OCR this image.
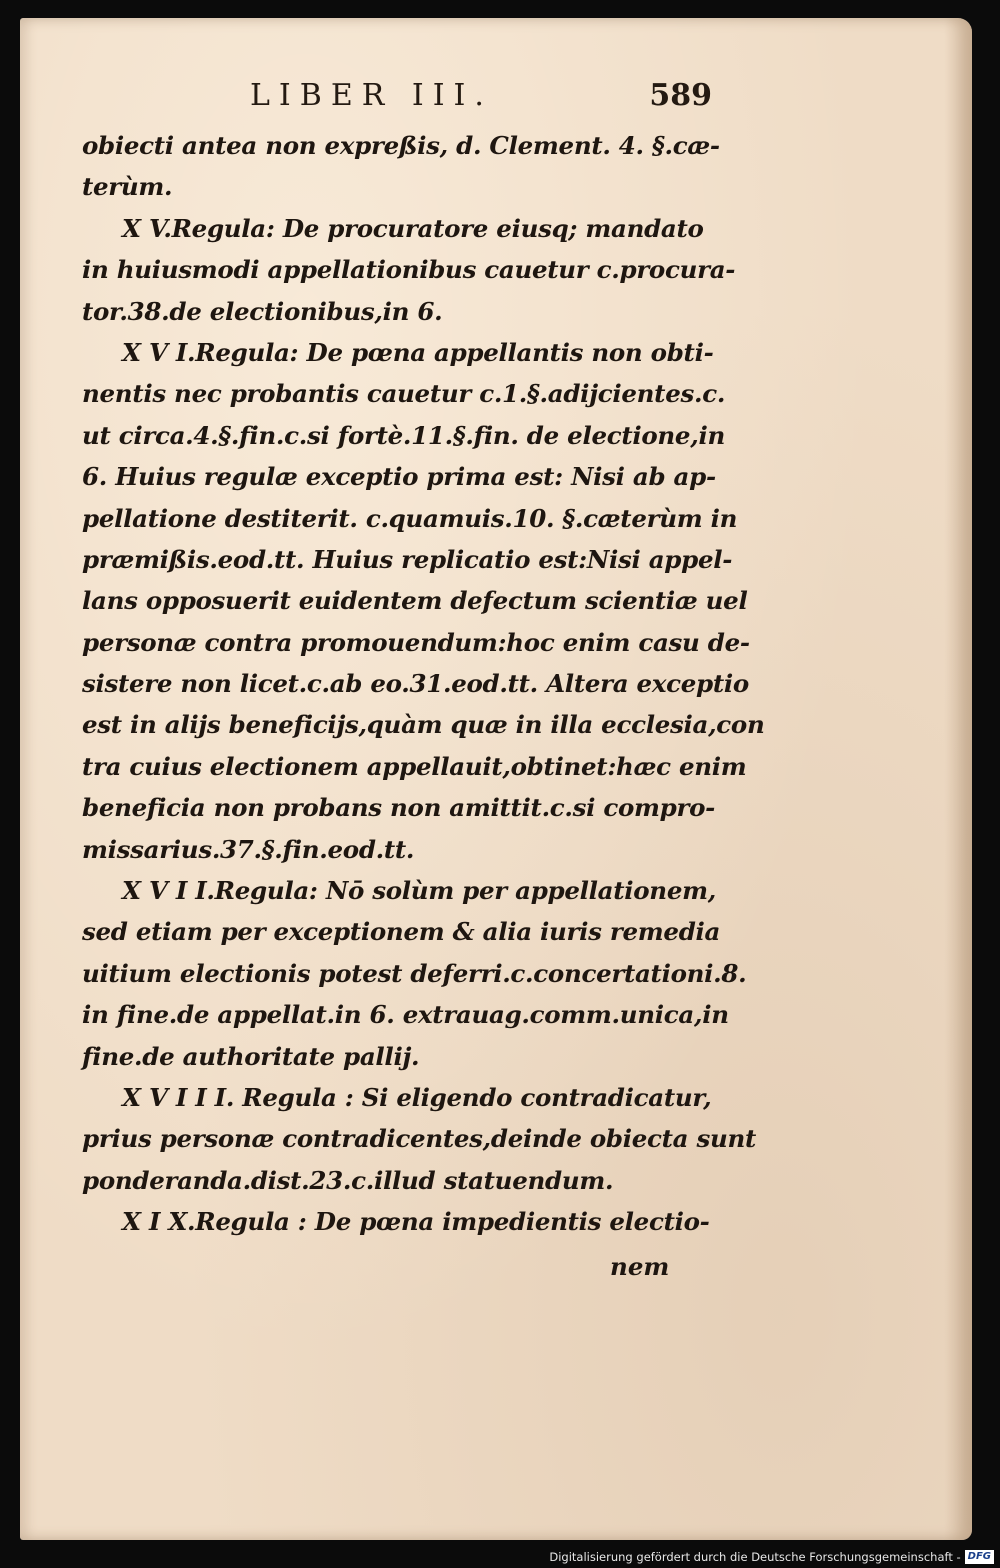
LIBER III.	589
obiecti antea non expreßis, d. Clement. 4. §.cæ-
terùm.
X V.Regula: De procuratore eiusq; mandato
in huiusmodi appellationibus cauetur c.procura-
tor.38.de electionibus,in 6.
X V I.Regula: De pœna appellantis non obti-
nentis nec probantis cauetur c.1.§.adijcientes.c.
ut circa.4.§.fin.c.si fortè.11.§.fin. de electione,in
6. Huius regulæ exceptio prima est: Nisi ab ap-
pellatione destiterit. c.quamuis.10. §.cæterùm in
præmißis.eod.tt. Huius replicatio est:Nisi appel-
lans opposuerit euidentem defectum scientiæ uel
personæ contra promouendum:hoc enim casu de-
sistere non licet.c.ab eo.31.eod.tt. Altera exceptio
est in alijs beneficijs,quàm quæ in illa ecclesia,con
tra cuius electionem appellauit,obtinet:hæc enim
beneficia non probans non amittit.c.si compro-
missarius.37.§.fin.eod.tt.
X V I I.Regula: Nō solùm per appellationem,
sed etiam per exceptionem & alia iuris remedia
uitium electionis potest deferri.c.concertationi.8.
in fine.de appellat.in 6. extrauag.comm.unica,in
fine.de authoritate pallij.
X V I I I. Regula : Si eligendo contradicatur,
prius personæ contradicentes,deinde obiecta sunt
ponderanda.dist.23.c.illud statuendum.
X I X.Regula : De pœna impedientis electio-
nem
Digitalisierung gefördert durch die Deutsche Forschungsgemeinschaft - DFG
